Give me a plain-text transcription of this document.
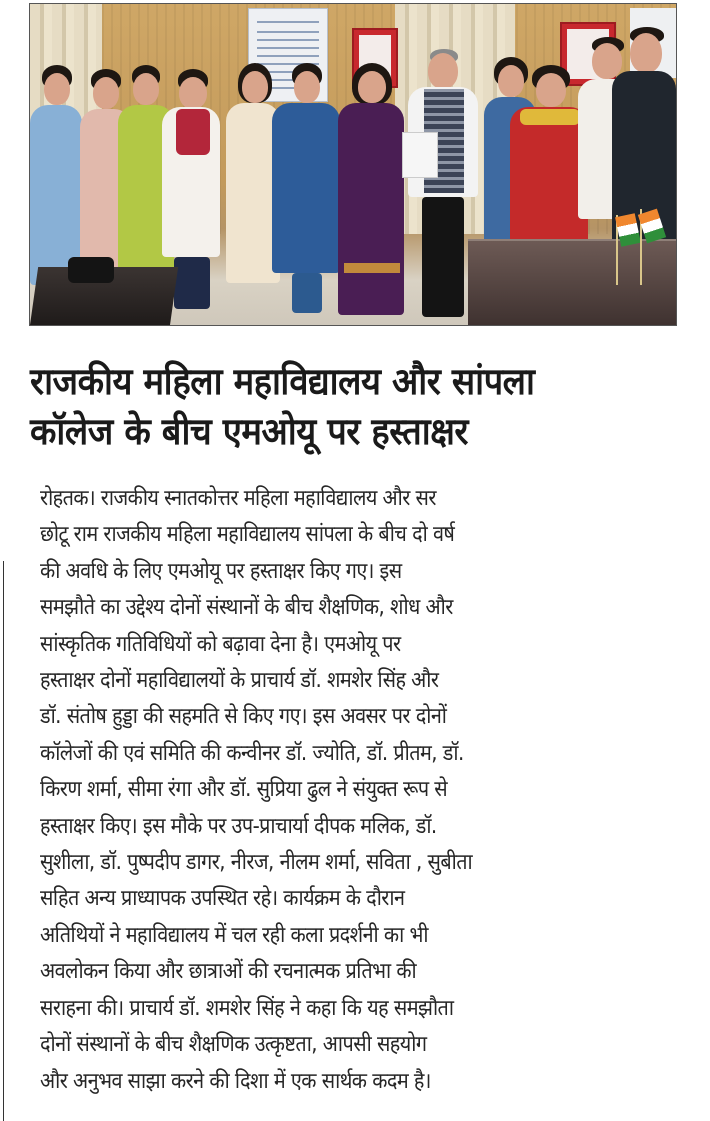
राजकीय महिला महाविद्यालय और सांपला
कॉलेज के बीच एमओयू पर हस्ताक्षर
रोहतक। राजकीय स्नातकोत्तर महिला महाविद्यालय और सर
छोटू राम राजकीय महिला महाविद्यालय सांपला के बीच दो वर्ष
की अवधि के लिए एमओयू पर हस्ताक्षर किए गए। इस
समझौते का उद्देश्य दोनों संस्थानों के बीच शैक्षणिक, शोध और
सांस्कृतिक गतिविधियों को बढ़ावा देना है। एमओयू पर
हस्ताक्षर दोनों महाविद्यालयों के प्राचार्य डॉ. शमशेर सिंह और
डॉ. संतोष हुड्डा की सहमति से किए गए। इस अवसर पर दोनों
कॉलेजों की एवं समिति की कन्वीनर डॉ. ज्योति, डॉ. प्रीतम, डॉ.
किरण शर्मा, सीमा रंगा और डॉ. सुप्रिया ढुल ने संयुक्त रूप से
हस्ताक्षर किए। इस मौके पर उप-प्राचार्या दीपक मलिक, डॉ.
सुशीला, डॉ. पुष्पदीप डागर, नीरज, नीलम शर्मा, सविता , सुबीता
सहित अन्य प्राध्यापक उपस्थित रहे। कार्यक्रम के दौरान
अतिथियों ने महाविद्यालय में चल रही कला प्रदर्शनी का भी
अवलोकन किया और छात्राओं की रचनात्मक प्रतिभा की
सराहना की। प्राचार्य डॉ. शमशेर सिंह ने कहा कि यह समझौता
दोनों संस्थानों के बीच शैक्षणिक उत्कृष्टता, आपसी सहयोग
और अनुभव साझा करने की दिशा में एक सार्थक कदम है।
